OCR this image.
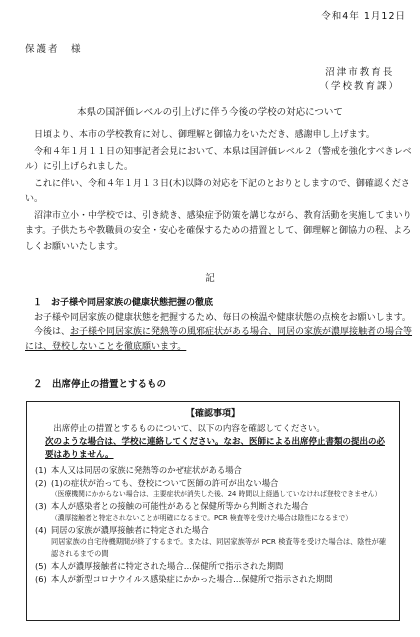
令和4年 1月12日
保護者　様
沼津市教育長
（学校教育課）
本県の国評価レベルの引上げに伴う今後の学校の対応について

日頃より、本市の学校教育に対し、御理解と御協力をいただき、感謝申し上げます。

令和４年１月１１日の知事記者会見において、本県は国評価レベル２（警戒を強化すべきレベル）に引上げられました。

これに伴い、令和４年１月１３日(木)以降の対応を下記のとおりとしますので、御確認ください。

沼津市立小・中学校では、引き続き、感染症予防策を講じながら、教育活動を実施してまいります。子供たちや教職員の安全・安心を確保するための措置として、御理解と御協力の程、よろしくお願いいたします。

記
１　お子様や同居家族の健康状態把握の徹底

お子様や同居家族の健康状態を把握するため、毎日の検温や健康状態の点検をお願いします。

今後は、お子様や同居家族に発熱等の風邪症状がある場合、同居の家族が濃厚接触者の場合等には、登校しないことを徹底願います。

２　出席停止の措置とするもの
【確認事項】

出席停止の措置とするものについて、以下の内容を確認してください。

次のような場合は、学校に連絡してください。なお、医師による出席停止書類の提出の必要はありません。

(1) 本人又は同居の家族に発熱等のかぜ症状がある場合
(2) (1)の症状が治っても、登校について医師の許可が出ない場合
（医療機関にかからない場合は、主要症状が消失した後、24 時間以上経過していなければ登校できません）
(3) 本人が感染者との接触の可能性があると保健所等から判断された場合
（濃厚接触者と特定されないことが明確になるまで。PCR 検査等を受けた場合は陰性になるまで）
(4) 同居の家族が濃厚接触者に特定された場合
同居家族の自宅待機期間が終了するまで。または、同居家族等が PCR 検査等を受けた場合は、陰性が確認されるまでの間
(5) 本人が濃厚接触者に特定された場合…保健所で指示された期間
(6) 本人が新型コロナウイルス感染症にかかった場合…保健所で指示された期間
